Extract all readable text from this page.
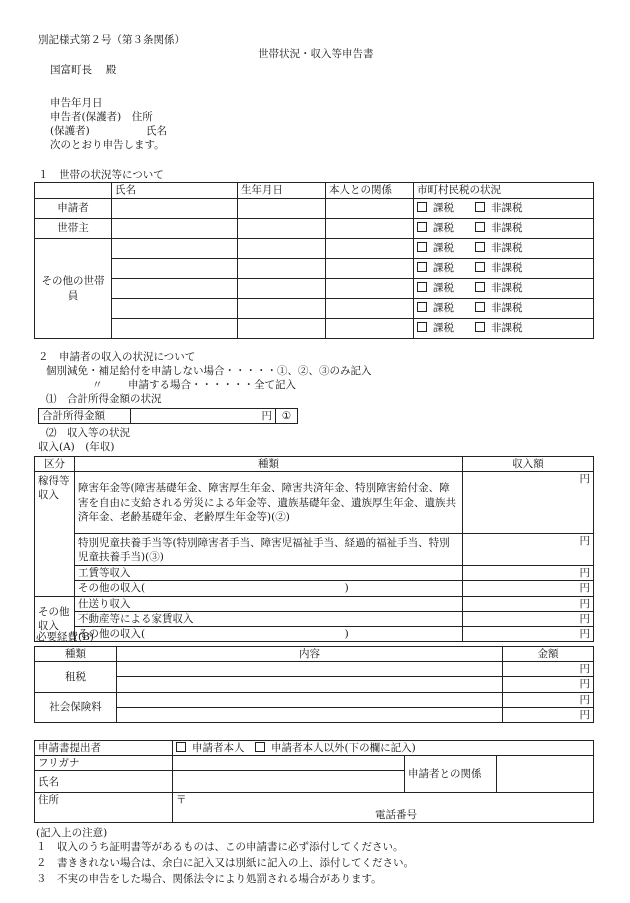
別記様式第２号（第３条関係）
世帯状況・収入等申告書
国富町長　 殿
申告年月日
申告者(保護者)　住所
(保護者)	氏名
次のとおり申告します。
１　世帯の状況等について
	氏名	生年月日	本人との関係	市町村民税の状況
申請者				課税　　 非課税
世帯主				課税　　 非課税
その他の世帯員				課税　　 非課税
				課税　　 非課税
				課税　　 非課税
				課税　　 非課税
				課税　　 非課税
２　申請者の収入の状況について
個別減免・補足給付を申請しない場合・・・・・①、②、③のみ記入
〃 申請する場合・・・・・・全て記入
⑴　合計所得金額の状況
合計所得金額	円	①
⑵　収入等の状況
収入(A)　(年収)
区分	種類	収入額
稼得等収入	障害年金等(障害基礎年金、障害厚生年金、障害共済年金、特別障害給付金、障害を自由に支給される労災による年金等、遺族基礎年金、遺族厚生年金、遺族共済年金、老齢基礎年金、老齢厚生年金等)(②)	円
	特別児童扶養手当等(特別障害者手当、障害児福祉手当、経過的福祉手当、特別児童扶養手当)(③)	円
	工賃等収入	円
	その他の収入(　　　　　　　　　　　　　　　　　　　)	円
その他収入	仕送り収入	円
	不動産等による家賃収入	円
	その他の収入(　　　　　　　　　　　　　　　　　　　)	円
必要経費(B)
種類	内容	金額
租税		円
		円
社会保険料		円
		円
申請書提出者	申請者本人　 申請者本人以外(下の欄に記入)		
フリガナ		申請者との関係	
氏名			
住所	〒
電話番号		
(記入上の注意)
１　収入のうち証明書等があるものは、この申請書に必ず添付してください。
２　書ききれない場合は、余白に記入又は別紙に記入の上、添付してください。
３　不実の申告をした場合、関係法令により処罰される場合があります。
